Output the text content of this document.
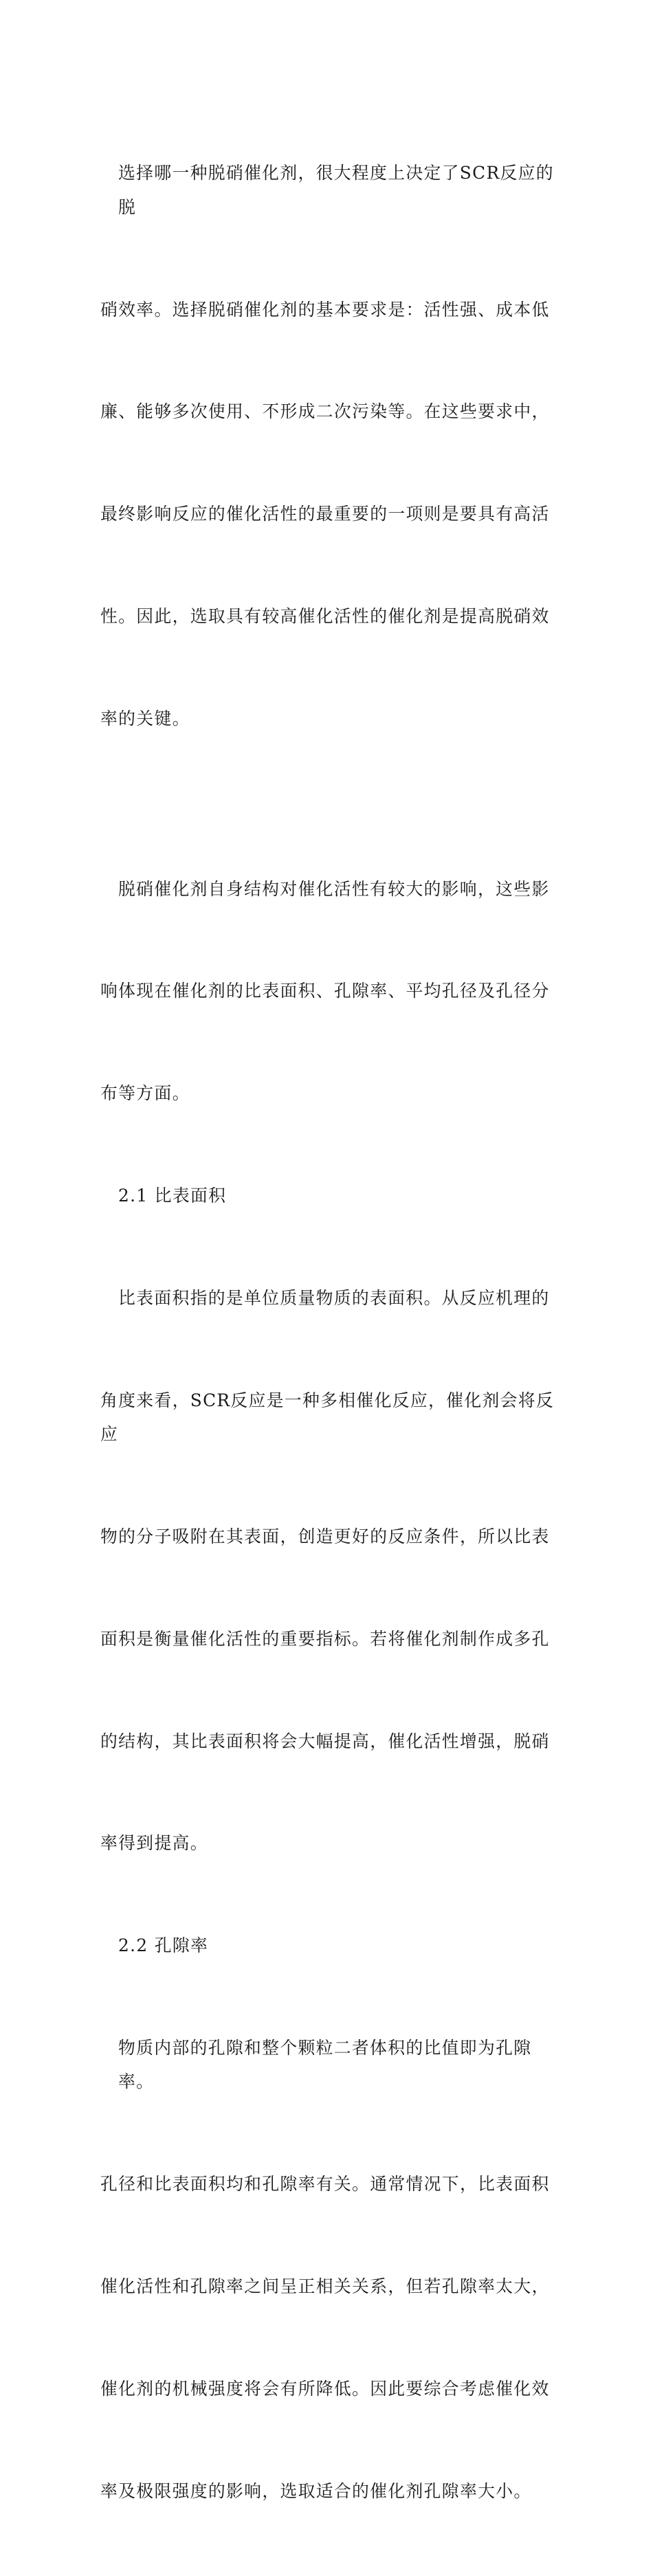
选择哪一种脱硝催化剂，很大程度上决定了SCR反应的脱

硝效率。选择脱硝催化剂的基本要求是：活性强、成本低

廉、能够多次使用、不形成二次污染等。在这些要求中，

最终影响反应的催化活性的最重要的一项则是要具有高活

性。因此，选取具有较高催化活性的催化剂是提高脱硝效

率的关键。

脱硝催化剂自身结构对催化活性有较大的影响，这些影

响体现在催化剂的比表面积、孔隙率、平均孔径及孔径分

布等方面。

2.1 比表面积

比表面积指的是单位质量物质的表面积。从反应机理的

角度来看，SCR反应是一种多相催化反应，催化剂会将反应

物的分子吸附在其表面，创造更好的反应条件，所以比表

面积是衡量催化活性的重要指标。若将催化剂制作成多孔

的结构，其比表面积将会大幅提高，催化活性增强，脱硝

率得到提高。

2.2 孔隙率

物质内部的孔隙和整个颗粒二者体积的比值即为孔隙率。

孔径和比表面积均和孔隙率有关。通常情况下，比表面积

催化活性和孔隙率之间呈正相关关系，但若孔隙率太大，

催化剂的机械强度将会有所降低。因此要综合考虑催化效

率及极限强度的影响，选取适合的催化剂孔隙率大小。
